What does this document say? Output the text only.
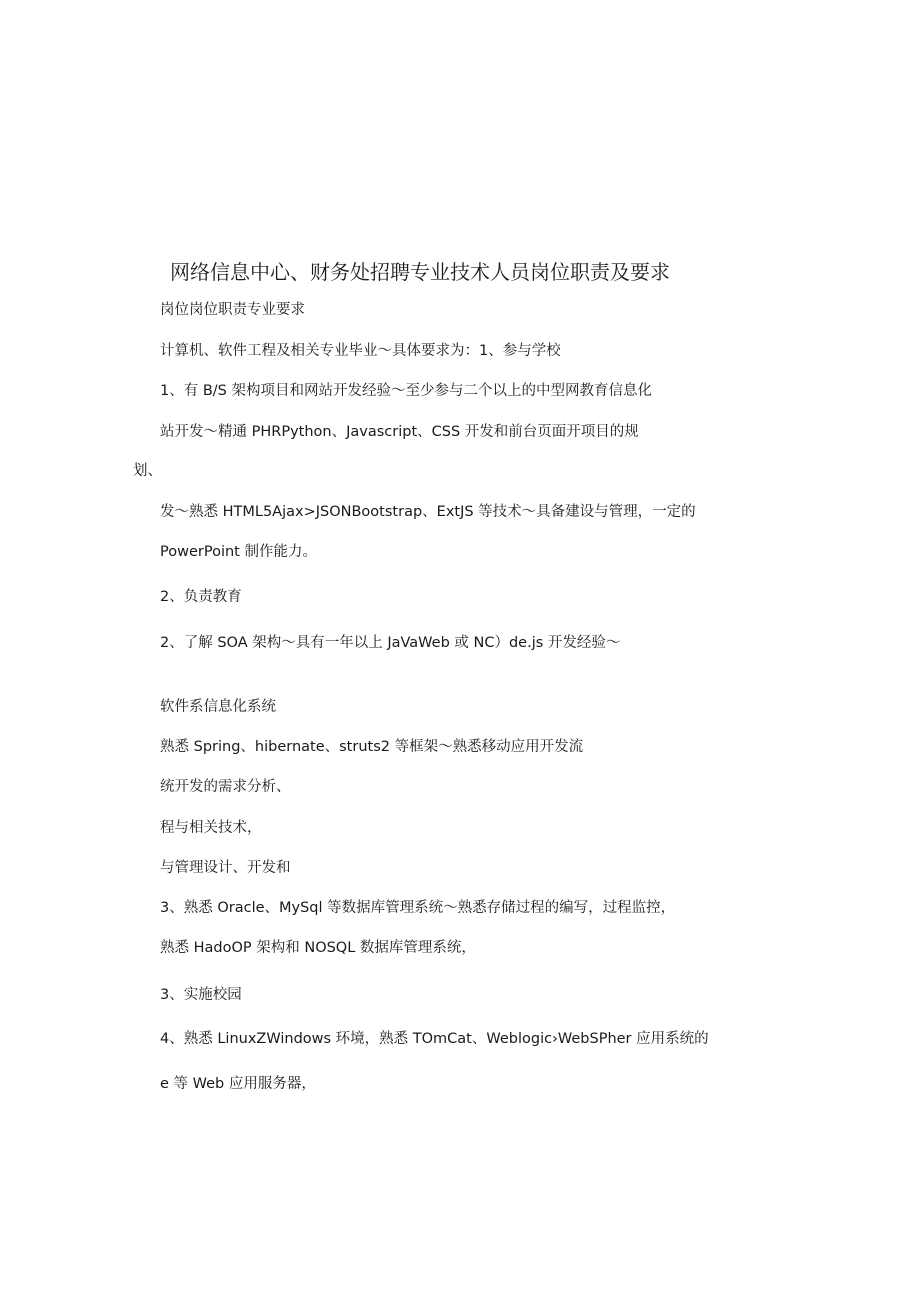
网络信息中心、财务处招聘专业技术人员岗位职责及要求
岗位岗位职责专业要求
计算机、软件工程及相关专业毕业～具体要求为：1、参与学校
1、有 B/S 架构项目和网站开发经验～至少参与二个以上的中型网教育信息化
站开发～精通 PHRPython、Javascript、CSS 开发和前台页面开项目的规
划、
发～熟悉 HTML5Ajax>JSONBootstrap、ExtJS 等技术～具备建设与管理，一定的
PowerPoint 制作能力。
2、负责教育
2、了解 SOA 架构～具有一年以上 JaVaWeb 或 NC）de.js 开发经验～
软件系信息化系统
熟悉 Spring、hibernate、struts2 等框架～熟悉移动应用开发流
统开发的需求分析、
程与相关技术，
与管理设计、开发和
3、熟悉 Oracle、MySql 等数据库管理系统～熟悉存储过程的编写，过程监控，
熟悉 HadoOP 架构和 NOSQL 数据库管理系统，
3、实施校园
4、熟悉 LinuxZWindows 环境，熟悉 TOmCat、Weblogic›WebSPher 应用系统的
e 等 Web 应用服务器，
